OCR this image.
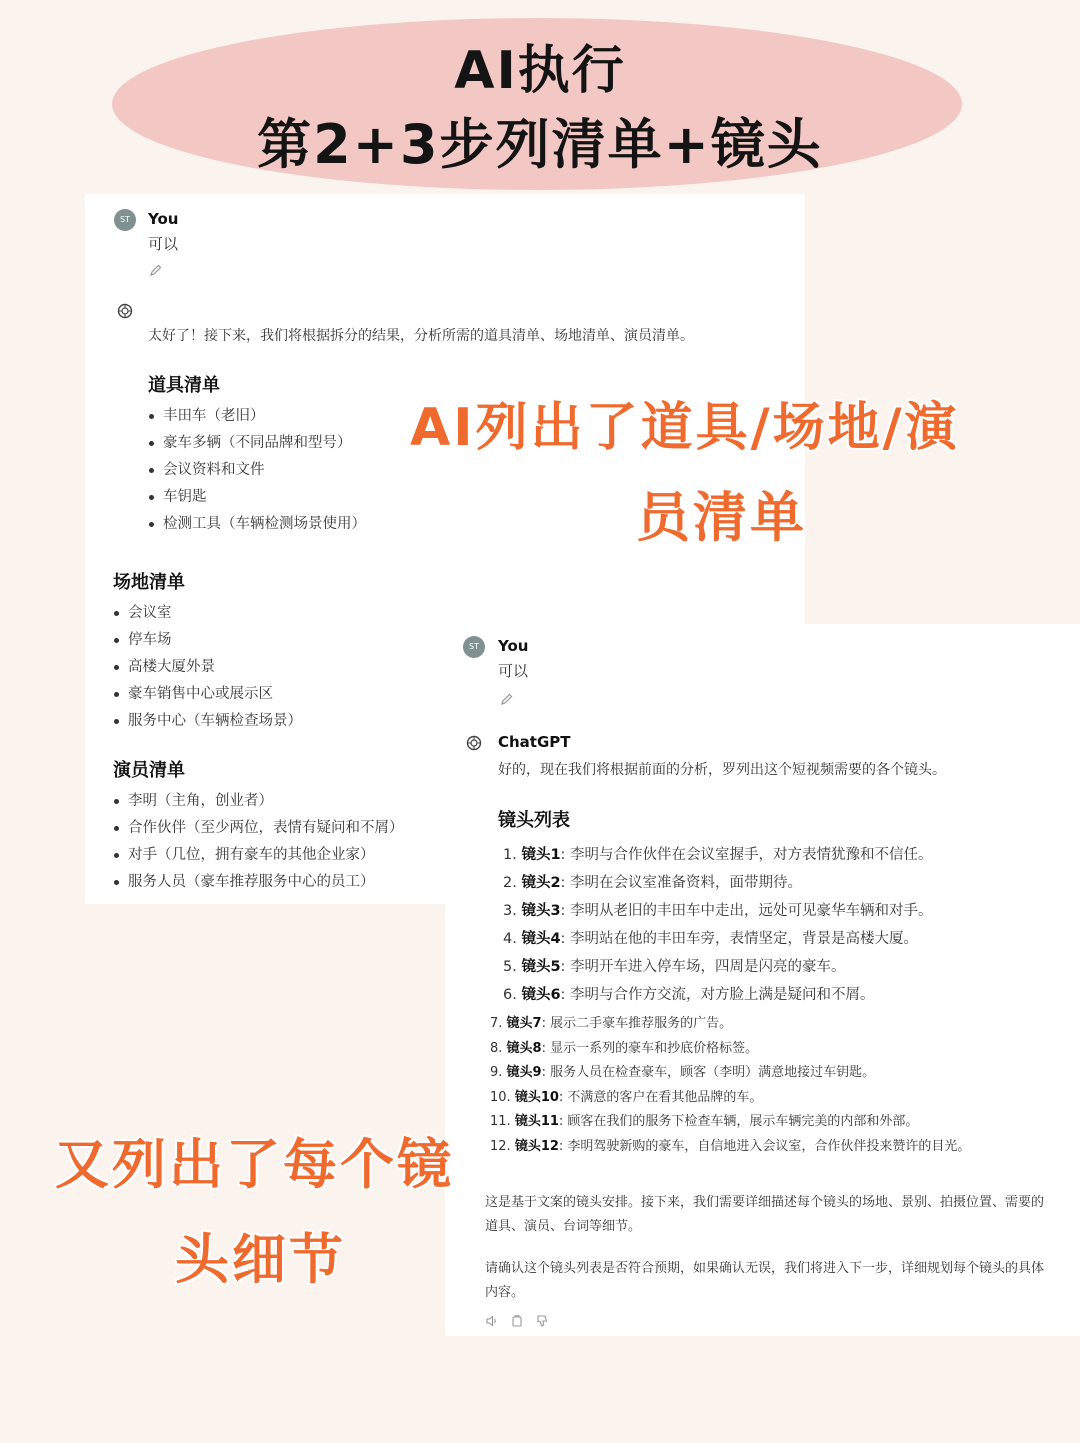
AI执行
第2+3步列清单+镜头
ST	You
可以
太好了！接下来，我们将根据拆分的结果，分析所需的道具清单、场地清单、演员清单。
道具清单
丰田车（老旧）
豪车多辆（不同品牌和型号）
会议资料和文件
车钥匙
检测工具（车辆检测场景使用）
场地清单
会议室
停车场
高楼大厦外景
豪车销售中心或展示区
服务中心（车辆检查场景）
演员清单
李明（主角，创业者）
合作伙伴（至少两位，表情有疑问和不屑）
对手（几位，拥有豪车的其他企业家）
服务人员（豪车推荐服务中心的员工）
AI列出了道具/场地/演
员清单
ST	You
可以
ChatGPT
好的，现在我们将根据前面的分析，罗列出这个短视频需要的各个镜头。
镜头列表
1. 镜头1: 李明与合作伙伴在会议室握手，对方表情犹豫和不信任。
2. 镜头2: 李明在会议室准备资料，面带期待。
3. 镜头3: 李明从老旧的丰田车中走出，远处可见豪华车辆和对手。
4. 镜头4: 李明站在他的丰田车旁，表情坚定，背景是高楼大厦。
5. 镜头5: 李明开车进入停车场，四周是闪亮的豪车。
6. 镜头6: 李明与合作方交流，对方脸上满是疑问和不屑。
7. 镜头7: 展示二手豪车推荐服务的广告。
8. 镜头8: 显示一系列的豪车和抄底价格标签。
9. 镜头9: 服务人员在检查豪车，顾客（李明）满意地接过车钥匙。
10. 镜头10: 不满意的客户在看其他品牌的车。
11. 镜头11: 顾客在我们的服务下检查车辆，展示车辆完美的内部和外部。
12. 镜头12: 李明驾驶新购的豪车，自信地进入会议室，合作伙伴投来赞许的目光。
这是基于文案的镜头安排。接下来，我们需要详细描述每个镜头的场地、景别、拍摄位置、需要的
道具、演员、台词等细节。
请确认这个镜头列表是否符合预期，如果确认无误，我们将进入下一步，详细规划每个镜头的具体
内容。
又列出了每个镜
头细节
